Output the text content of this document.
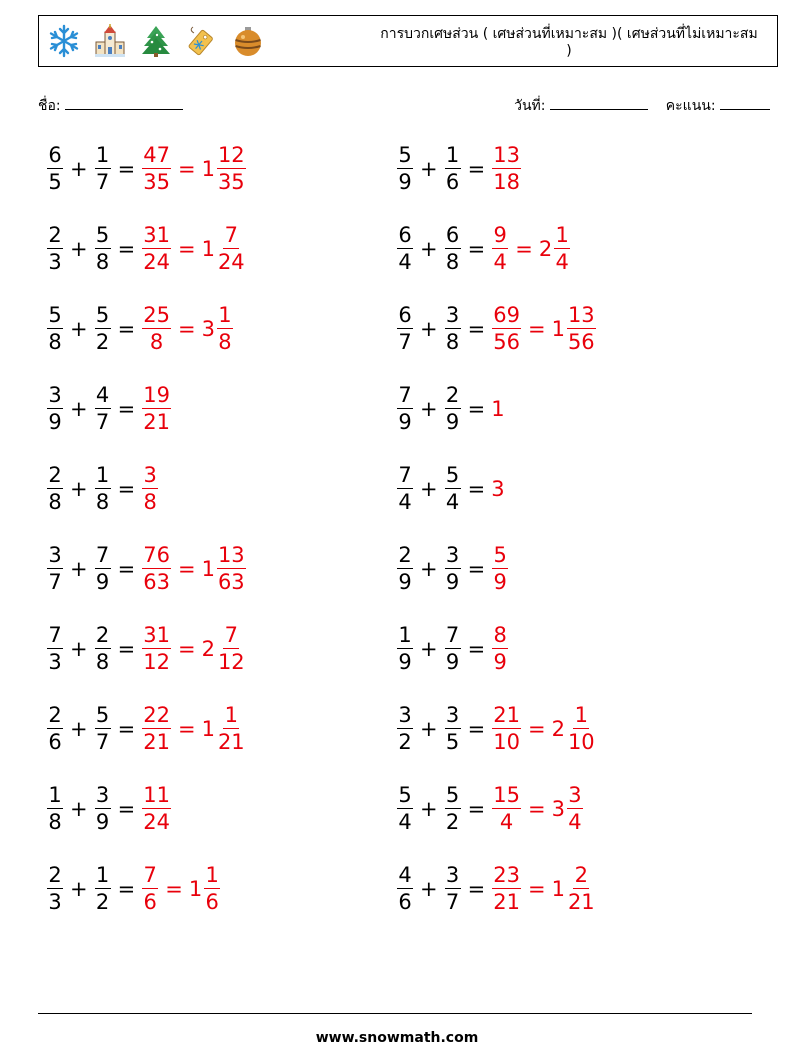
การบวกเศษส่วน ( เศษส่วนที่เหมาะสม )( เศษส่วนที่ไม่เหมาะสม )
ชื่อ:	วันที่:	คะแนน:
$\frac{6}{5} + \frac{1}{7} = \frac{47}{35} = 1 \frac{12}{35}$	$\frac{5}{9} + \frac{1}{6} = \frac{13}{18}$
$\frac{2}{3} + \frac{5}{8} = \frac{31}{24} = 1 \frac{7}{24}$	$\frac{6}{4} + \frac{6}{8} = \frac{9}{4} = 2 \frac{1}{4}$
$\frac{5}{8} + \frac{5}{2} = \frac{25}{8} = 3 \frac{1}{8}$	$\frac{6}{7} + \frac{3}{8} = \frac{69}{56} = 1 \frac{13}{56}$
$\frac{3}{9} + \frac{4}{7} = \frac{19}{21}$	$\frac{7}{9} + \frac{2}{9} = 1$
$\frac{2}{8} + \frac{1}{8} = \frac{3}{8}$	$\frac{7}{4} + \frac{5}{4} = 3$
$\frac{3}{7} + \frac{7}{9} = \frac{76}{63} = 1 \frac{13}{63}$	$\frac{2}{9} + \frac{3}{9} = \frac{5}{9}$
$\frac{7}{3} + \frac{2}{8} = \frac{31}{12} = 2 \frac{7}{12}$	$\frac{1}{9} + \frac{7}{9} = \frac{8}{9}$
$\frac{2}{6} + \frac{5}{7} = \frac{22}{21} = 1 \frac{1}{21}$	$\frac{3}{2} + \frac{3}{5} = \frac{21}{10} = 2 \frac{1}{10}$
$\frac{1}{8} + \frac{3}{9} = \frac{11}{24}$	$\frac{5}{4} + \frac{5}{2} = \frac{15}{4} = 3 \frac{3}{4}$
$\frac{2}{3} + \frac{1}{2} = \frac{7}{6} = 1 \frac{1}{6}$	$\frac{4}{6} + \frac{3}{7} = \frac{23}{21} = 1 \frac{2}{21}$
www.snowmath.com
